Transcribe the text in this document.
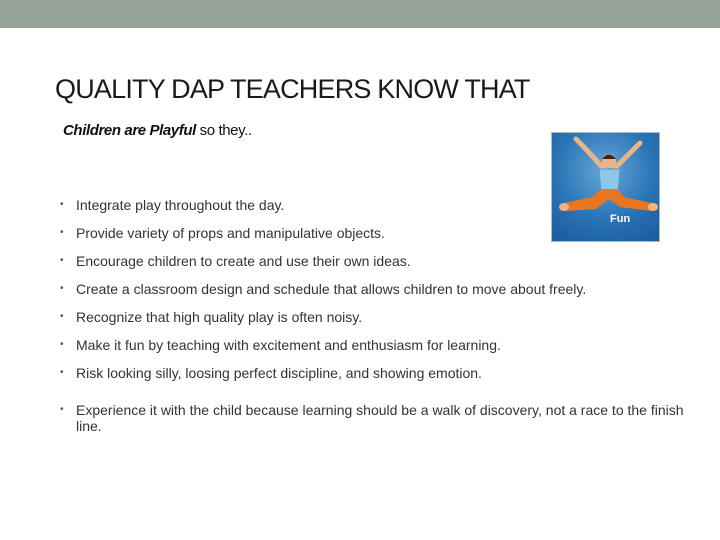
QUALITY DAP TEACHERS KNOW THAT
Children are Playful so they..
Fun
• Integrate play throughout the day.
• Provide variety of props and manipulative objects.
• Encourage children to create and use their own ideas.
• Create a classroom design and schedule that allows children to move about freely.
• Recognize that high quality play is often noisy.
• Make it fun by teaching with excitement and enthusiasm for learning.
• Risk looking silly, loosing perfect discipline, and showing emotion.
• Experience it with the child because learning should be a walk of discovery, not a race to the finish line.
